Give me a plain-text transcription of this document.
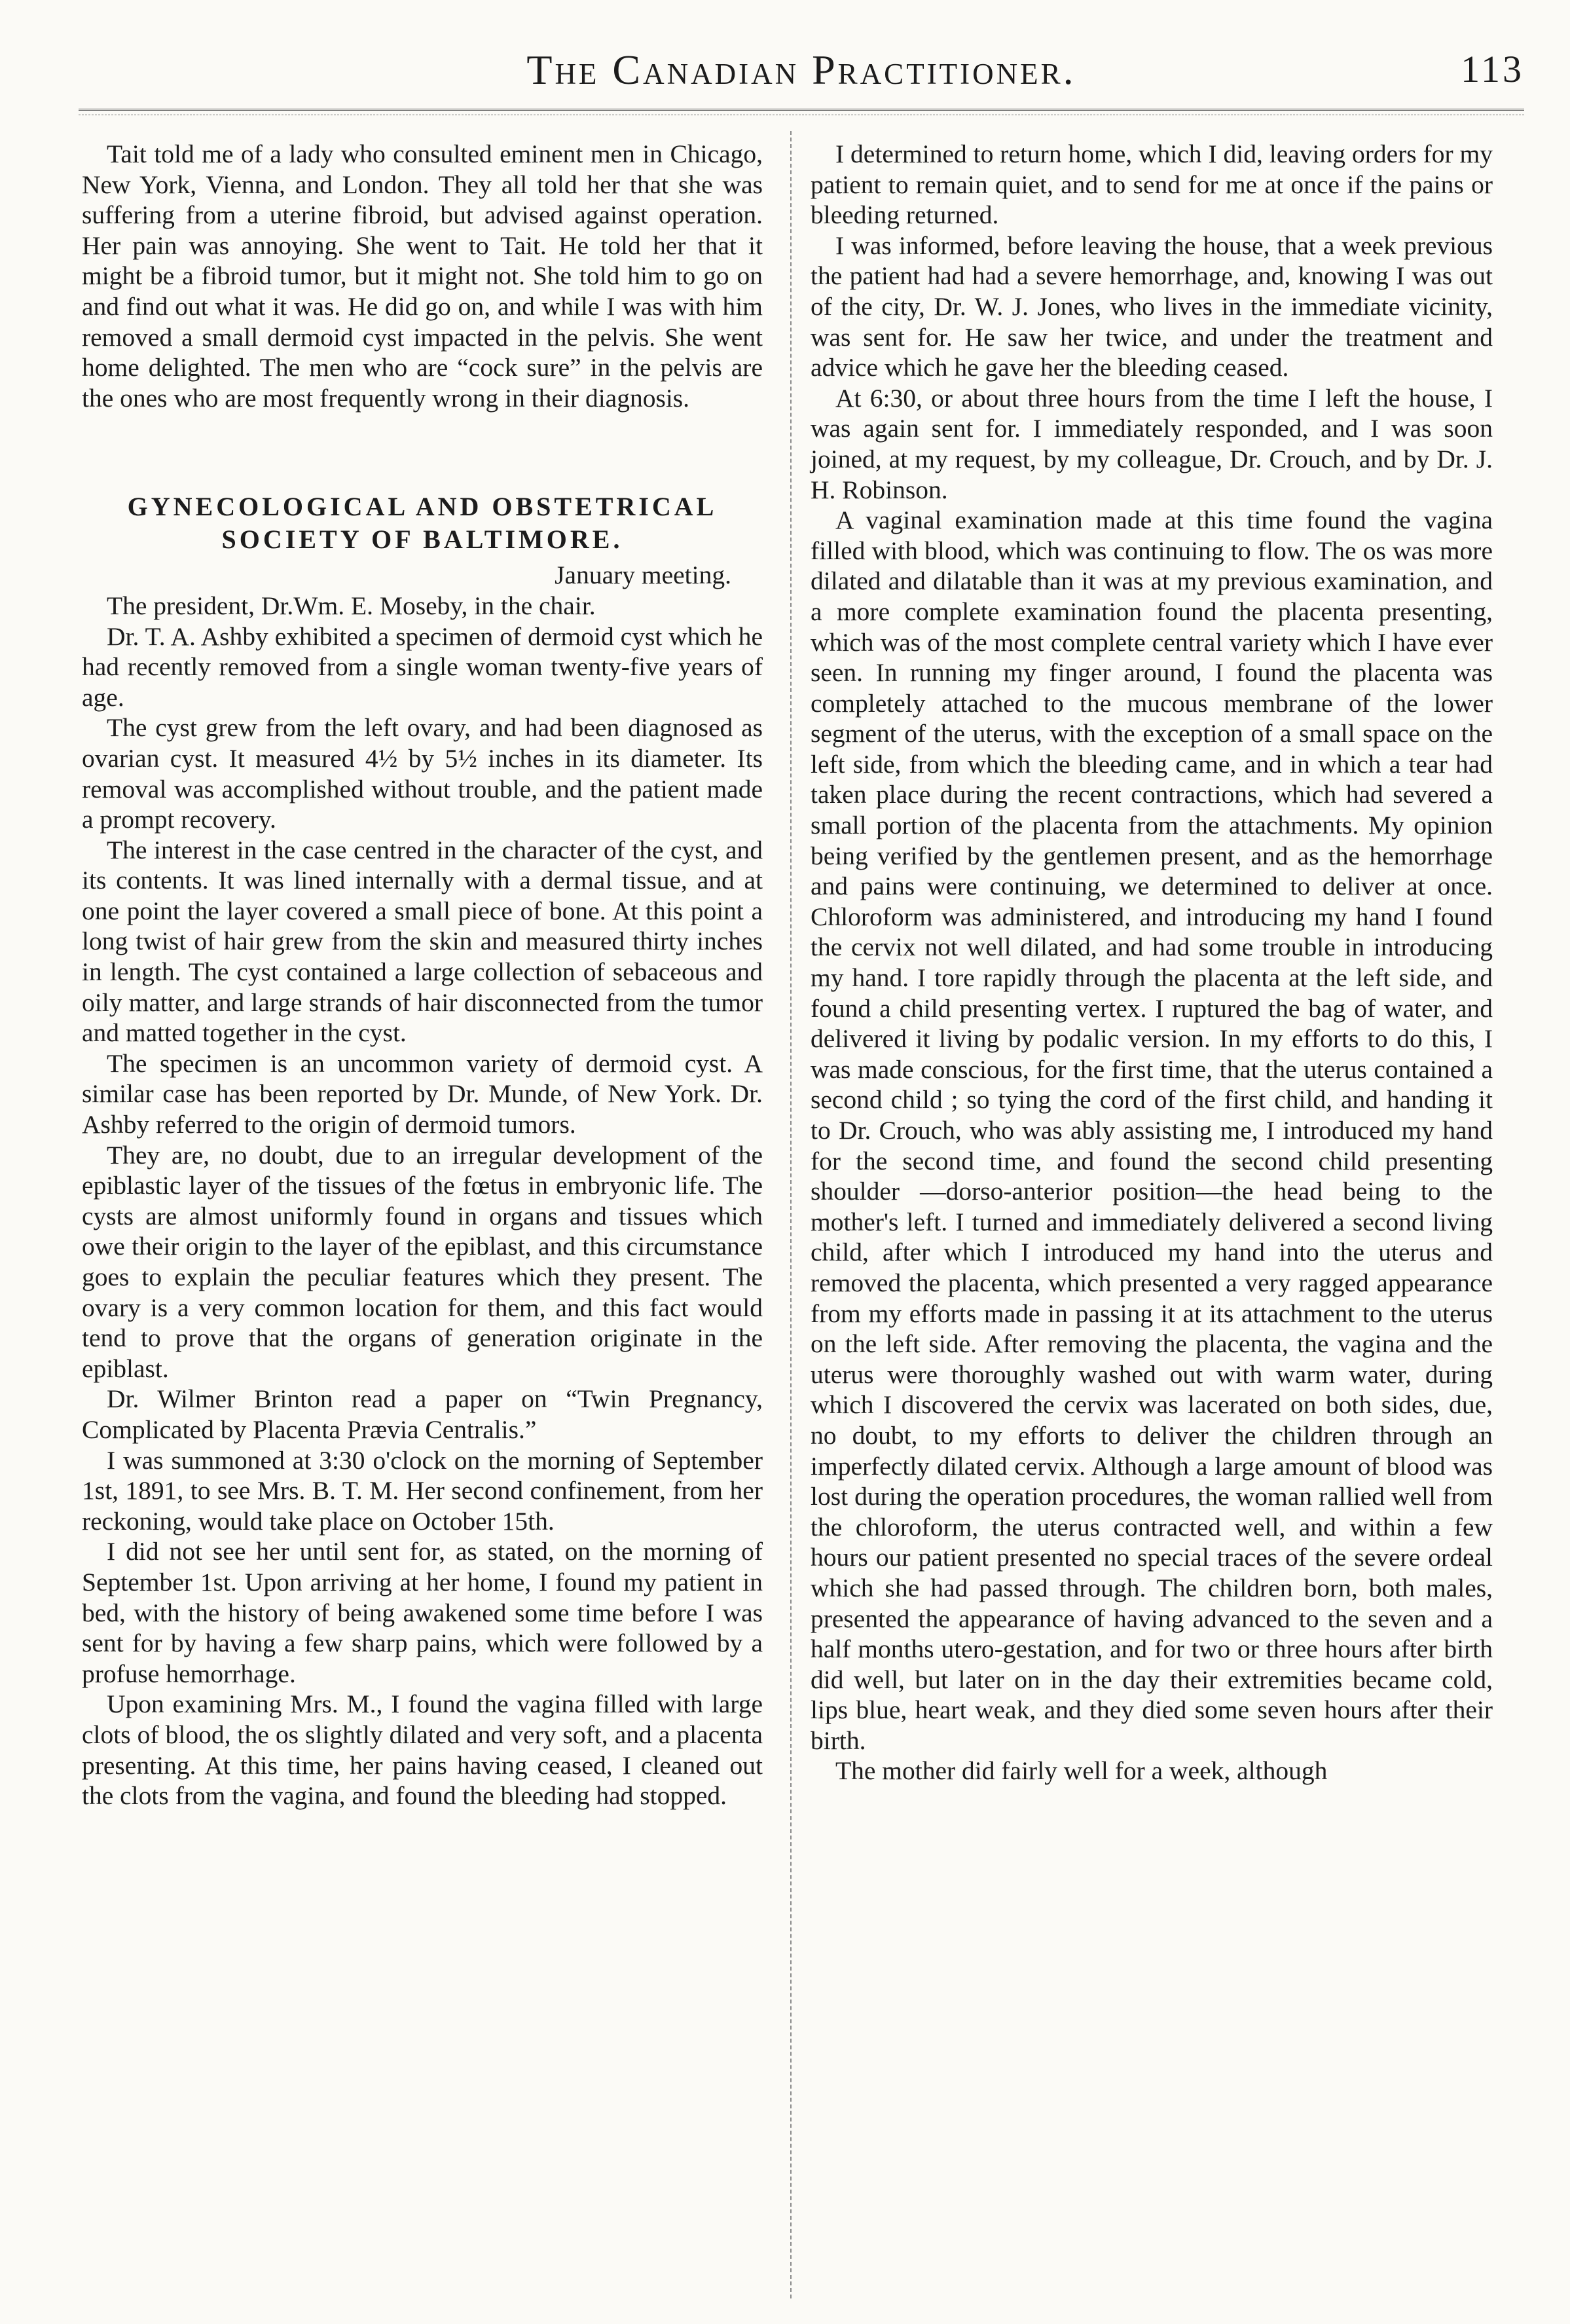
The Canadian Practitioner.	113

Tait told me of a lady who consulted eminent men in Chicago, New York, Vienna, and London. They all told her that she was suffering from a uterine fibroid, but advised against operation. Her pain was annoying. She went to Tait. He told her that it might be a fibroid tumor, but it might not. She told him to go on and find out what it was. He did go on, and while I was with him removed a small dermoid cyst impacted in the pelvis. She went home delighted. The men who are “cock sure” in the pelvis are the ones who are most frequently wrong in their diagnosis.

GYNECOLOGICAL AND OBSTETRICAL
SOCIETY OF BALTIMORE.
January meeting.

The president, Dr.Wm. E. Moseby, in the chair.

Dr. T. A. Ashby exhibited a specimen of dermoid cyst which he had recently removed from a single woman twenty-five years of age.

The cyst grew from the left ovary, and had been diagnosed as ovarian cyst. It measured 4½ by 5½ inches in its diameter. Its removal was accomplished without trouble, and the patient made a prompt recovery.

The interest in the case centred in the character of the cyst, and its contents. It was lined internally with a dermal tissue, and at one point the layer covered a small piece of bone. At this point a long twist of hair grew from the skin and measured thirty inches in length. The cyst contained a large collection of sebaceous and oily matter, and large strands of hair disconnected from the tumor and matted together in the cyst.

The specimen is an uncommon variety of dermoid cyst. A similar case has been reported by Dr. Munde, of New York. Dr. Ashby referred to the origin of dermoid tumors.

They are, no doubt, due to an irregular development of the epiblastic layer of the tissues of the fœtus in embryonic life. The cysts are almost uniformly found in organs and tissues which owe their origin to the layer of the epiblast, and this circumstance goes to explain the peculiar features which they present. The ovary is a very common location for them, and this fact would tend to prove that the organs of generation originate in the epiblast.

Dr. Wilmer Brinton read a paper on “Twin Pregnancy, Complicated by Placenta Prævia Centralis.”

I was summoned at 3:30 o'clock on the morning of September 1st, 1891, to see Mrs. B. T. M. Her second confinement, from her reckoning, would take place on October 15th.

I did not see her until sent for, as stated, on the morning of September 1st. Upon arriving at her home, I found my patient in bed, with the history of being awakened some time before I was sent for by having a few sharp pains, which were followed by a profuse hemorrhage.

Upon examining Mrs. M., I found the vagina filled with large clots of blood, the os slightly dilated and very soft, and a placenta presenting. At this time, her pains having ceased, I cleaned out the clots from the vagina, and found the bleeding had stopped.

I determined to return home, which I did, leaving orders for my patient to remain quiet, and to send for me at once if the pains or bleeding returned.

I was informed, before leaving the house, that a week previous the patient had had a severe hemorrhage, and, knowing I was out of the city, Dr. W. J. Jones, who lives in the immediate vicinity, was sent for. He saw her twice, and under the treatment and advice which he gave her the bleeding ceased.

At 6:30, or about three hours from the time I left the house, I was again sent for. I immediately responded, and I was soon joined, at my request, by my colleague, Dr. Crouch, and by Dr. J. H. Robinson.

A vaginal examination made at this time found the vagina filled with blood, which was continuing to flow. The os was more dilated and dilatable than it was at my previous examination, and a more complete examination found the placenta presenting, which was of the most complete central variety which I have ever seen. In running my finger around, I found the placenta was completely attached to the mucous membrane of the lower segment of the uterus, with the exception of a small space on the left side, from which the bleeding came, and in which a tear had taken place during the recent contractions, which had severed a small portion of the placenta from the attachments. My opinion being verified by the gentlemen present, and as the hemorrhage and pains were continuing, we determined to deliver at once. Chloroform was administered, and introducing my hand I found the cervix not well dilated, and had some trouble in introducing my hand. I tore rapidly through the placenta at the left side, and found a child presenting vertex. I ruptured the bag of water, and delivered it living by podalic version. In my efforts to do this, I was made conscious, for the first time, that the uterus contained a second child ; so tying the cord of the first child, and handing it to Dr. Crouch, who was ably assisting me, I introduced my hand for the second time, and found the second child presenting shoulder —dorso-anterior position—the head being to the mother's left. I turned and immediately delivered a second living child, after which I introduced my hand into the uterus and removed the placenta, which presented a very ragged appearance from my efforts made in passing it at its attachment to the uterus on the left side. After removing the placenta, the vagina and the uterus were thoroughly washed out with warm water, during which I discovered the cervix was lacerated on both sides, due, no doubt, to my efforts to deliver the children through an imperfectly dilated cervix. Although a large amount of blood was lost during the operation procedures, the woman rallied well from the chloroform, the uterus contracted well, and within a few hours our patient presented no special traces of the severe ordeal which she had passed through. The children born, both males, presented the appearance of having advanced to the seven and a half months utero-gestation, and for two or three hours after birth did well, but later on in the day their extremities became cold, lips blue, heart weak, and they died some seven hours after their birth.

The mother did fairly well for a week, although
